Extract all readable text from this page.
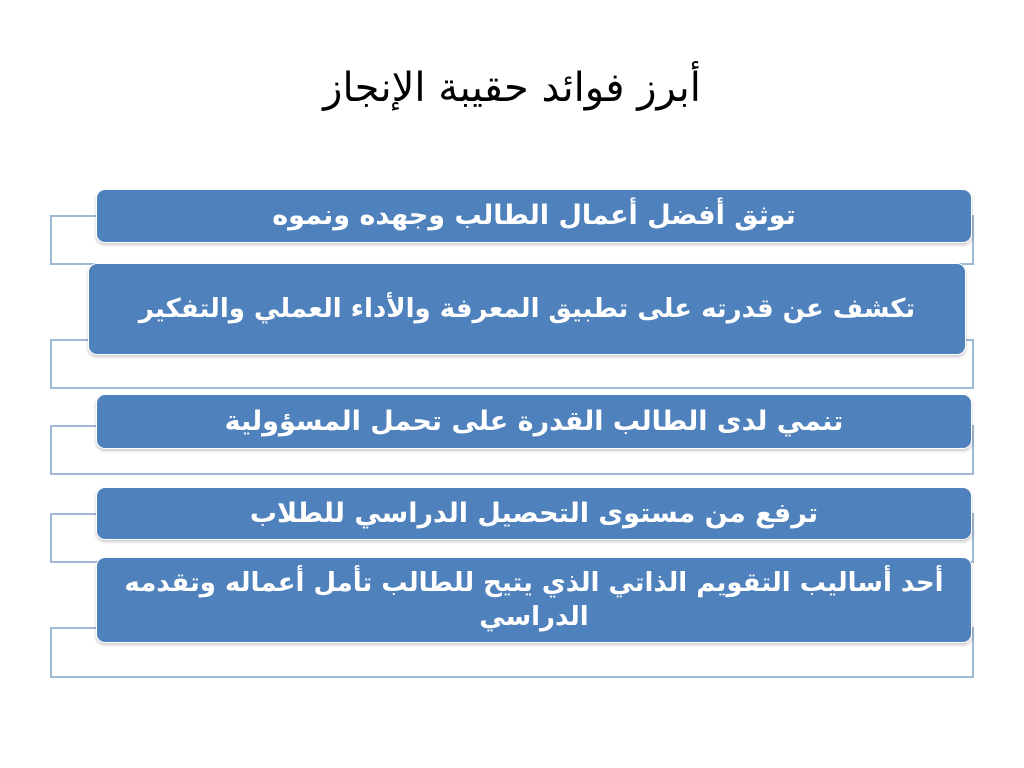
أبرز فوائد حقيبة الإنجاز
توثق أفضل أعمال الطالب وجهده ونموه
تكشف عن قدرته على تطبيق المعرفة والأداء العملي والتفكير
تنمي لدى الطالب القدرة على تحمل المسؤولية
ترفع من مستوى التحصيل الدراسي للطلاب
أحد أساليب التقويم الذاتي الذي يتيح للطالب تأمل أعماله وتقدمه الدراسي
